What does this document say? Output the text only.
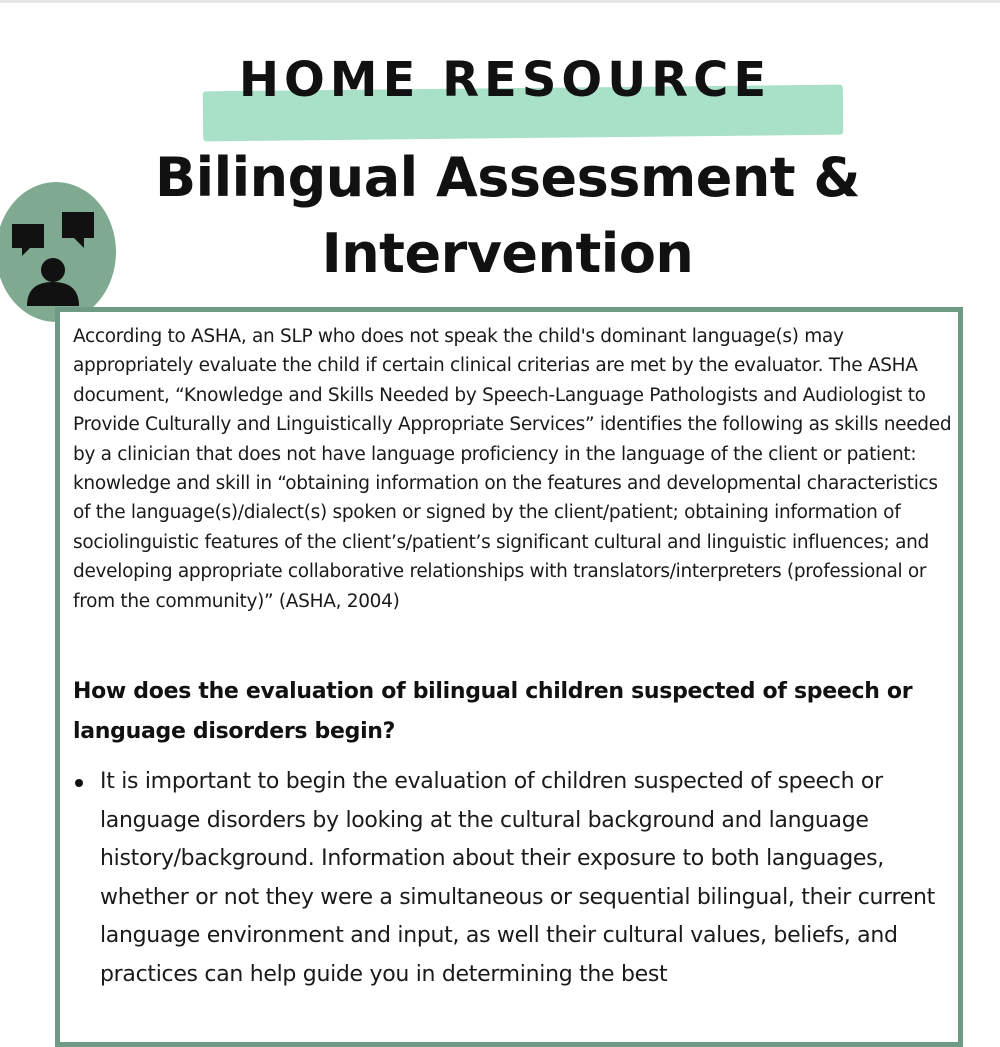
HOME RESOURCE
Bilingual Assessment & Intervention

According to ASHA, an SLP who does not speak the child's dominant language(s) may appropriately evaluate the child if certain clinical criterias are met by the evaluator. The ASHA document, “Knowledge and Skills Needed by Speech-Language Pathologists and Audiologist to Provide Culturally and Linguistically Appropriate Services” identifies the following as skills needed by a clinician that does not have language proficiency in the language of the client or patient: knowledge and skill in “obtaining information on the features and developmental characteristics of the language(s)/dialect(s) spoken or signed by the client/patient; obtaining information of sociolinguistic features of the client’s/patient’s significant cultural and linguistic influences; and developing appropriate collaborative relationships with translators/interpreters (professional or from the community)” (ASHA, 2004)

How does the evaluation of bilingual children suspected of speech or language disorders begin?

It is important to begin the evaluation of children suspected of speech or language disorders by looking at the cultural background and language history/background. Information about their exposure to both languages, whether or not they were a simultaneous or sequential bilingual, their current language environment and input, as well their cultural values, beliefs, and practices can help guide you in determining the best
